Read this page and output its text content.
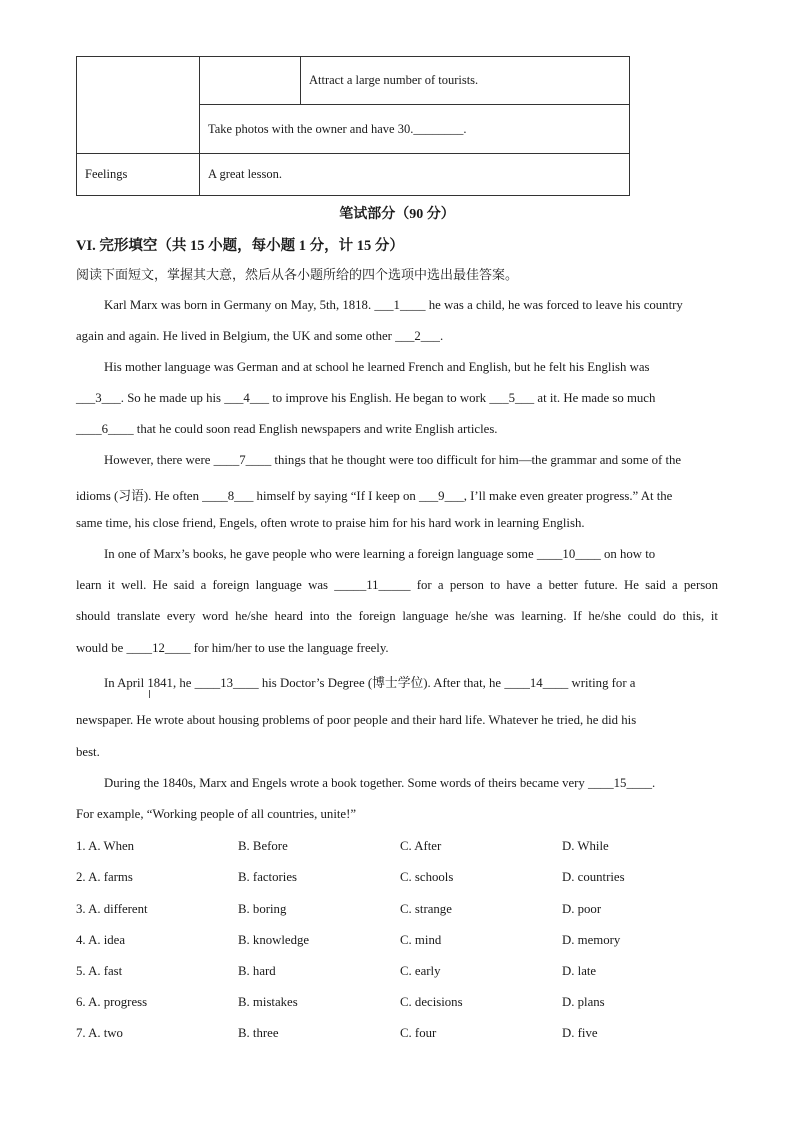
		Attract a large number of tourists.
	Take photos with the owner and have 30.________.	
Feelings	A great lesson.	
笔试部分（90 分）
VI. 完形填空（共 15 小题，每小题 1 分，计 15 分）
阅读下面短文，掌握其大意，然后从各小题所给的四个选项中选出最佳答案。
Karl Marx was born in Germany on May, 5th, 1818. ___1____ he was a child, he was forced to leave his country
again and again. He lived in Belgium, the UK and some other ___2___.
His mother language was German and at school he learned French and English, but he felt his English was
___3___. So he made up his ___4___ to improve his English. He began to work ___5___ at it. He made so much
____6____ that he could soon read English newspapers and write English articles.
However, there were ____7____ things that he thought were too difficult for him—the grammar and some of the
idioms (习语). He often ____8___ himself by saying “If I keep on ___9___, I’ll make even greater progress.” At the
same time, his close friend, Engels, often wrote to praise him for his hard work in learning English.
In one of Marx’s books, he gave people who were learning a foreign language some ____10____ on how to
learn it well. He said a foreign language was _____11_____ for a person to have a better future. He said a person
should translate every word he/she heard into the foreign language he/she was learning. If he/she could do this, it
would be ____12____ for him/her to use the language freely.
In April 1841, he ____13____ his Doctor’s Degree (博士学位). After that, he ____14____ writing for a
newspaper. He wrote about housing problems of poor people and their hard life. Whatever he tried, he did his
best.
During the 1840s, Marx and Engels wrote a book together. Some words of theirs became very ____15____.
For example, “Working people of all countries, unite!”
1. A. When	B. Before	C. After	D. While
2. A. farms	B. factories	C. schools	D. countries
3. A. different	B. boring	C. strange	D. poor
4. A. idea	B. knowledge	C. mind	D. memory
5. A. fast	B. hard	C. early	D. late
6. A. progress	B. mistakes	C. decisions	D. plans
7. A. two	B. three	C. four	D. five
